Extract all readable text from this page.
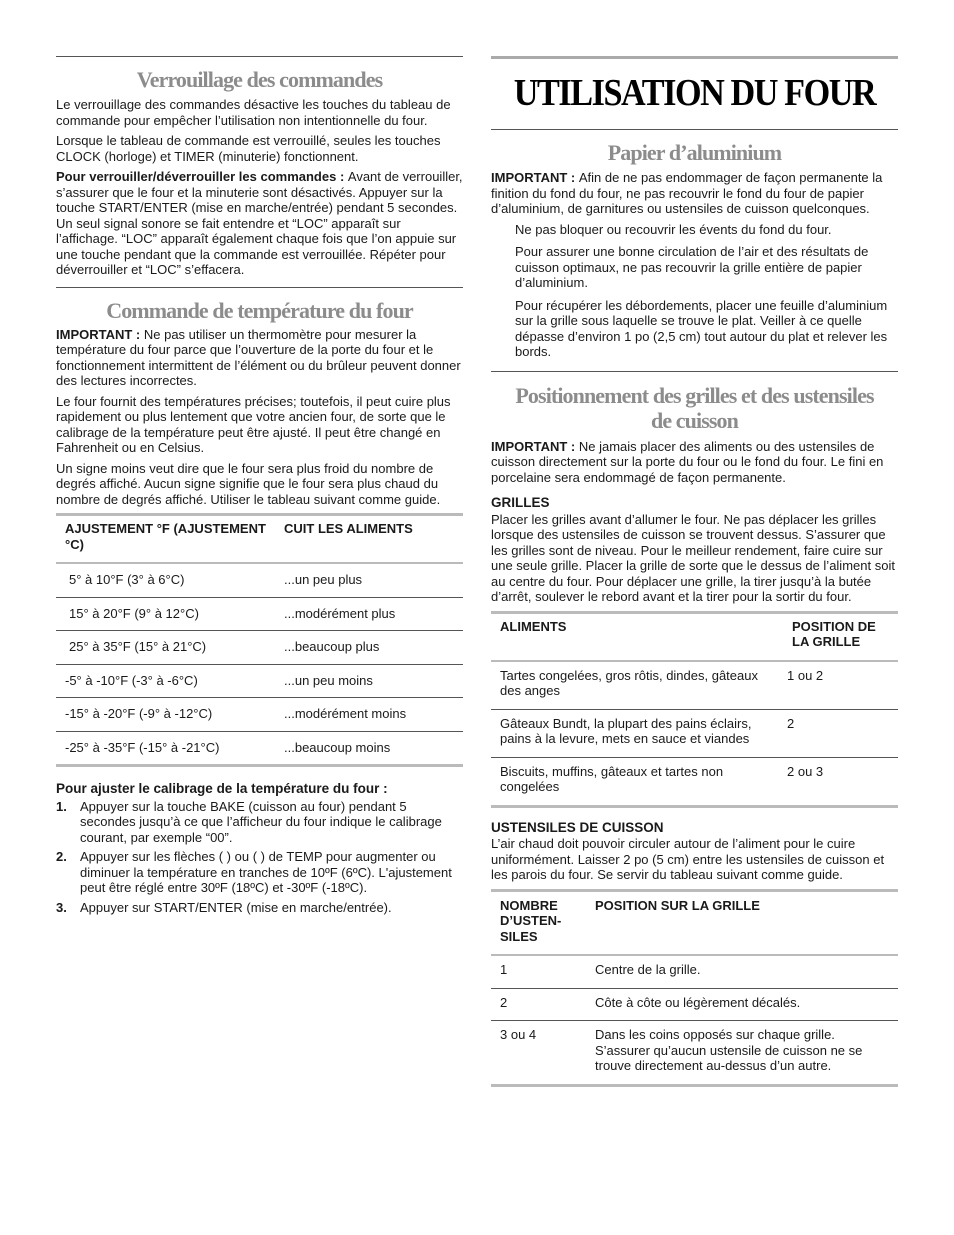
Verrouillage des commandes

Le verrouillage des commandes désactive les touches du tableau de commande pour empêcher l’utilisation non intentionnelle du four.

Lorsque le tableau de commande est verrouillé, seules les touches CLOCK (horloge) et TIMER (minuterie) fonctionnent.

Pour verrouiller/déverrouiller les commandes : Avant de verrouiller, s’assurer que le four et la minuterie sont désactivés. Appuyer sur la touche START/ENTER (mise en marche/entrée) pendant 5 secondes. Un seul signal sonore se fait entendre et “LOC” apparaît sur l’affichage. “LOC” apparaît également chaque fois que l’on appuie sur une touche pendant que la commande est verrouillée. Répéter pour déverrouiller et “LOC” s’effacera.

Commande de température du four

IMPORTANT : Ne pas utiliser un thermomètre pour mesurer la température du four parce que l’ouverture de la porte du four et le fonctionnement intermittent de l’élément ou du brûleur peuvent donner des lectures incorrectes.

Le four fournit des températures précises; toutefois, il peut cuire plus rapidement ou plus lentement que votre ancien four, de sorte que le calibrage de la température peut être ajusté. Il peut être changé en Fahrenheit ou en Celsius.

Un signe moins veut dire que le four sera plus froid du nombre de degrés affiché. Aucun signe signifie que le four sera plus chaud du nombre de degrés affiché. Utiliser le tableau suivant comme guide.

AJUSTEMENT °F (AJUSTEMENT °C)	CUIT LES ALIMENTS
5° à 10°F (3° à 6°C)	...un peu plus
15° à 20°F (9° à 12°C)	...modérément plus
25° à 35°F (15° à 21°C)	...beaucoup plus
-5° à -10°F (-3° à -6°C)	...un peu moins
-15° à -20°F (-9° à -12°C)	...modérément moins
-25° à -35°F (-15° à -21°C)	...beaucoup moins

Pour ajuster le calibrage de la température du four :

1. Appuyer sur la touche BAKE (cuisson au four) pendant 5 secondes jusqu’à ce que l’afficheur du four indique le calibrage courant, par exemple “00”.
2. Appuyer sur les flèches ( ) ou ( ) de TEMP pour augmenter ou diminuer la température en tranches de 10ºF (6ºC). L'ajustement peut être réglé entre 30ºF (18ºC) et -30ºF (-18ºC).
3. Appuyer sur START/ENTER (mise en marche/entrée).
UTILISATION DU FOUR
Papier d’aluminium

IMPORTANT : Afin de ne pas endommager de façon permanente la finition du fond du four, ne pas recouvrir le fond du four de papier d’aluminium, de garnitures ou ustensiles de cuisson quelconques.

Ne pas bloquer ou recouvrir les évents du fond du four.

Pour assurer une bonne circulation de l’air et des résultats de cuisson optimaux, ne pas recouvrir la grille entière de papier d’aluminium.

Pour récupérer les débordements, placer une feuille d’aluminium sur la grille sous laquelle se trouve le plat. Veiller à ce quelle dépasse d’environ 1 po (2,5 cm) tout autour du plat et relever les bords.

Positionnement des grilles et des ustensiles
de cuisson

IMPORTANT : Ne jamais placer des aliments ou des ustensiles de cuisson directement sur la porte du four ou le fond du four. Le fini en porcelaine sera endommagé de façon permanente.

GRILLES

Placer les grilles avant d’allumer le four. Ne pas déplacer les grilles lorsque des ustensiles de cuisson se trouvent dessus. S’assurer que les grilles sont de niveau. Pour le meilleur rendement, faire cuire sur une seule grille. Placer la grille de sorte que le dessus de l’aliment soit au centre du four. Pour déplacer une grille, la tirer jusqu’à la butée d’arrêt, soulever le rebord avant et la tirer pour la sortir du four.

ALIMENTS	POSITION DE LA GRILLE
Tartes congelées, gros rôtis, dindes, gâteaux des anges	1 ou 2
Gâteaux Bundt, la plupart des pains éclairs, pains à la levure, mets en sauce et viandes	2
Biscuits, muffins, gâteaux et tartes non congelées	2 ou 3

USTENSILES DE CUISSON

L’air chaud doit pouvoir circuler autour de l’aliment pour le cuire uniformément. Laisser 2 po (5 cm) entre les ustensiles de cuisson et les parois du four. Se servir du tableau suivant comme guide.

NOMBRE D’USTEN-SILES	POSITION SUR LA GRILLE
1	Centre de la grille.
2	Côte à côte ou légèrement décalés.
3 ou 4	Dans les coins opposés sur chaque grille. S’assurer qu’aucun ustensile de cuisson ne se trouve directement au-dessus d’un autre.
